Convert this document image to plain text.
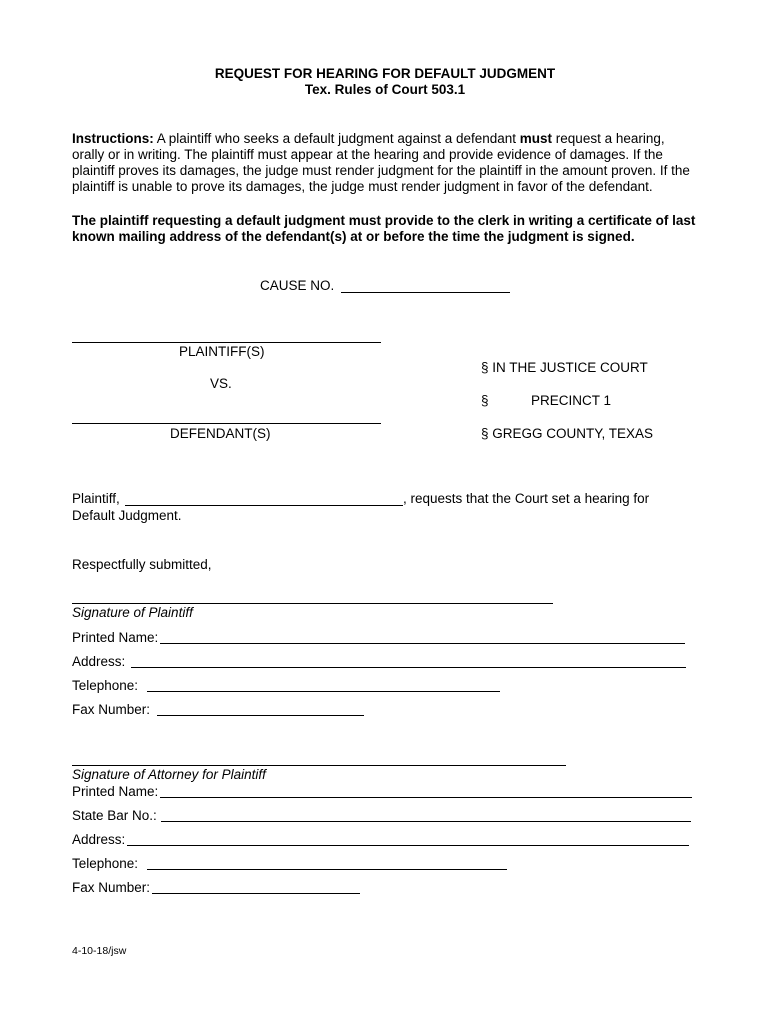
REQUEST FOR HEARING FOR DEFAULT JUDGMENT
Tex. Rules of Court 503.1
Instructions: A plaintiff who seeks a default judgment against a defendant must request a hearing, orally or in writing. The plaintiff must appear at the hearing and provide evidence of damages. If the plaintiff proves its damages, the judge must render judgment for the plaintiff in the amount proven. If the plaintiff is unable to prove its damages, the judge must render judgment in favor of the defendant.
The plaintiff requesting a default judgment must provide to the clerk in writing a certificate of last known mailing address of the defendant(s) at or before the time the judgment is signed.
CAUSE NO.
PLAINTIFF(S)
VS.
DEFENDANT(S)
§ IN THE JUSTICE COURT
§	PRECINCT 1
§ GREGG COUNTY, TEXAS
Plaintiff,	, requests that the Court set a hearing for
Default Judgment.
Respectfully submitted,
Signature of Plaintiff
Printed Name:
Address:
Telephone:
Fax Number:
Signature of Attorney for Plaintiff
Printed Name:
State Bar No.:
Address:
Telephone:
Fax Number:
4-10-18/jsw
